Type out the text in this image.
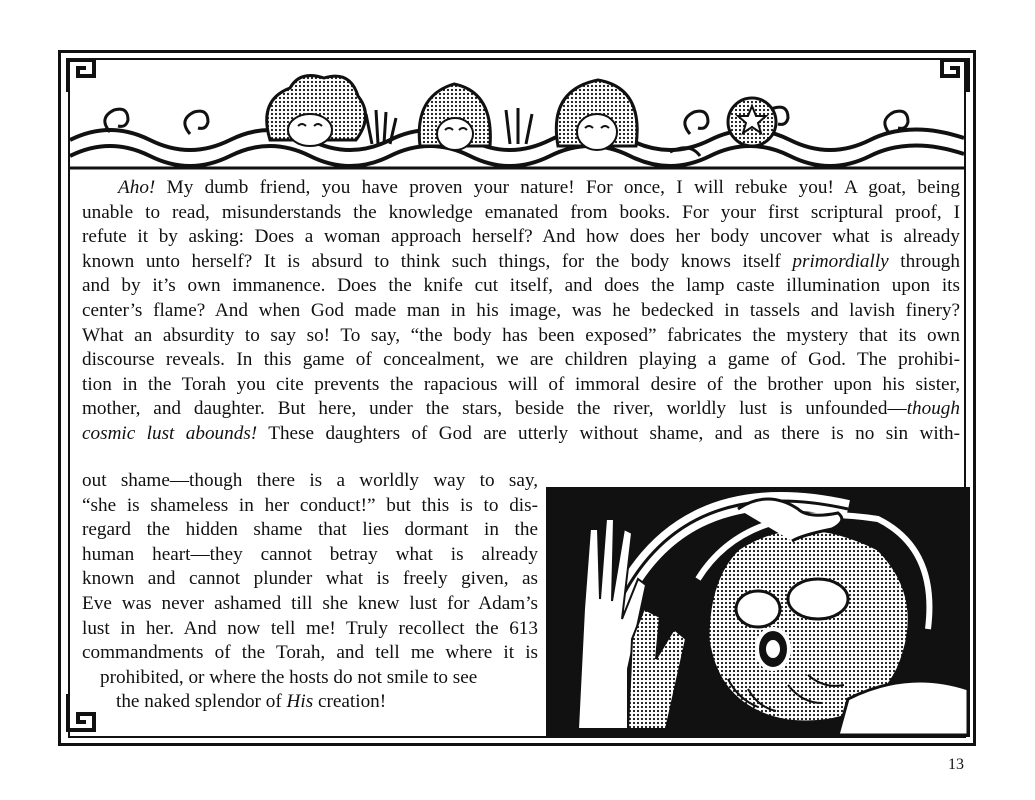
Aho! My dumb friend, you have proven your nature! For once, I will rebuke you! A goat, being
unable to read, misunderstands the knowledge emanated from books. For your first scriptural proof, I
refute it by asking: Does a woman approach herself? And how does her body uncover what is already
known unto herself? It is absurd to think such things, for the body knows itself primordially through
and by it’s own immanence. Does the knife cut itself, and does the lamp caste illumination upon its
center’s flame? And when God made man in his image, was he bedecked in tassels and lavish finery?
What an absurdity to say so! To say, “the body has been exposed” fabricates the mystery that its own
discourse reveals. In this game of concealment, we are children playing a game of God. The prohibi-
tion in the Torah you cite prevents the rapacious will of immoral desire of the brother upon his sister,
mother, and daughter. But here, under the stars, beside the river, worldly lust is unfounded—though
cosmic lust abounds! These daughters of God are utterly without shame, and as there is no sin with-
out shame—though there is a worldly way to say,
“she is shameless in her conduct!” but this is to dis-
regard the hidden shame that lies dormant in the
human heart—they cannot betray what is already
known and cannot plunder what is freely given, as
Eve was never ashamed till she knew lust for Adam’s
lust in her. And now tell me! Truly recollect the 613
commandments of the Torah, and tell me where it is
prohibited, or where the hosts do not smile to see
the naked splendor of His creation!
13
